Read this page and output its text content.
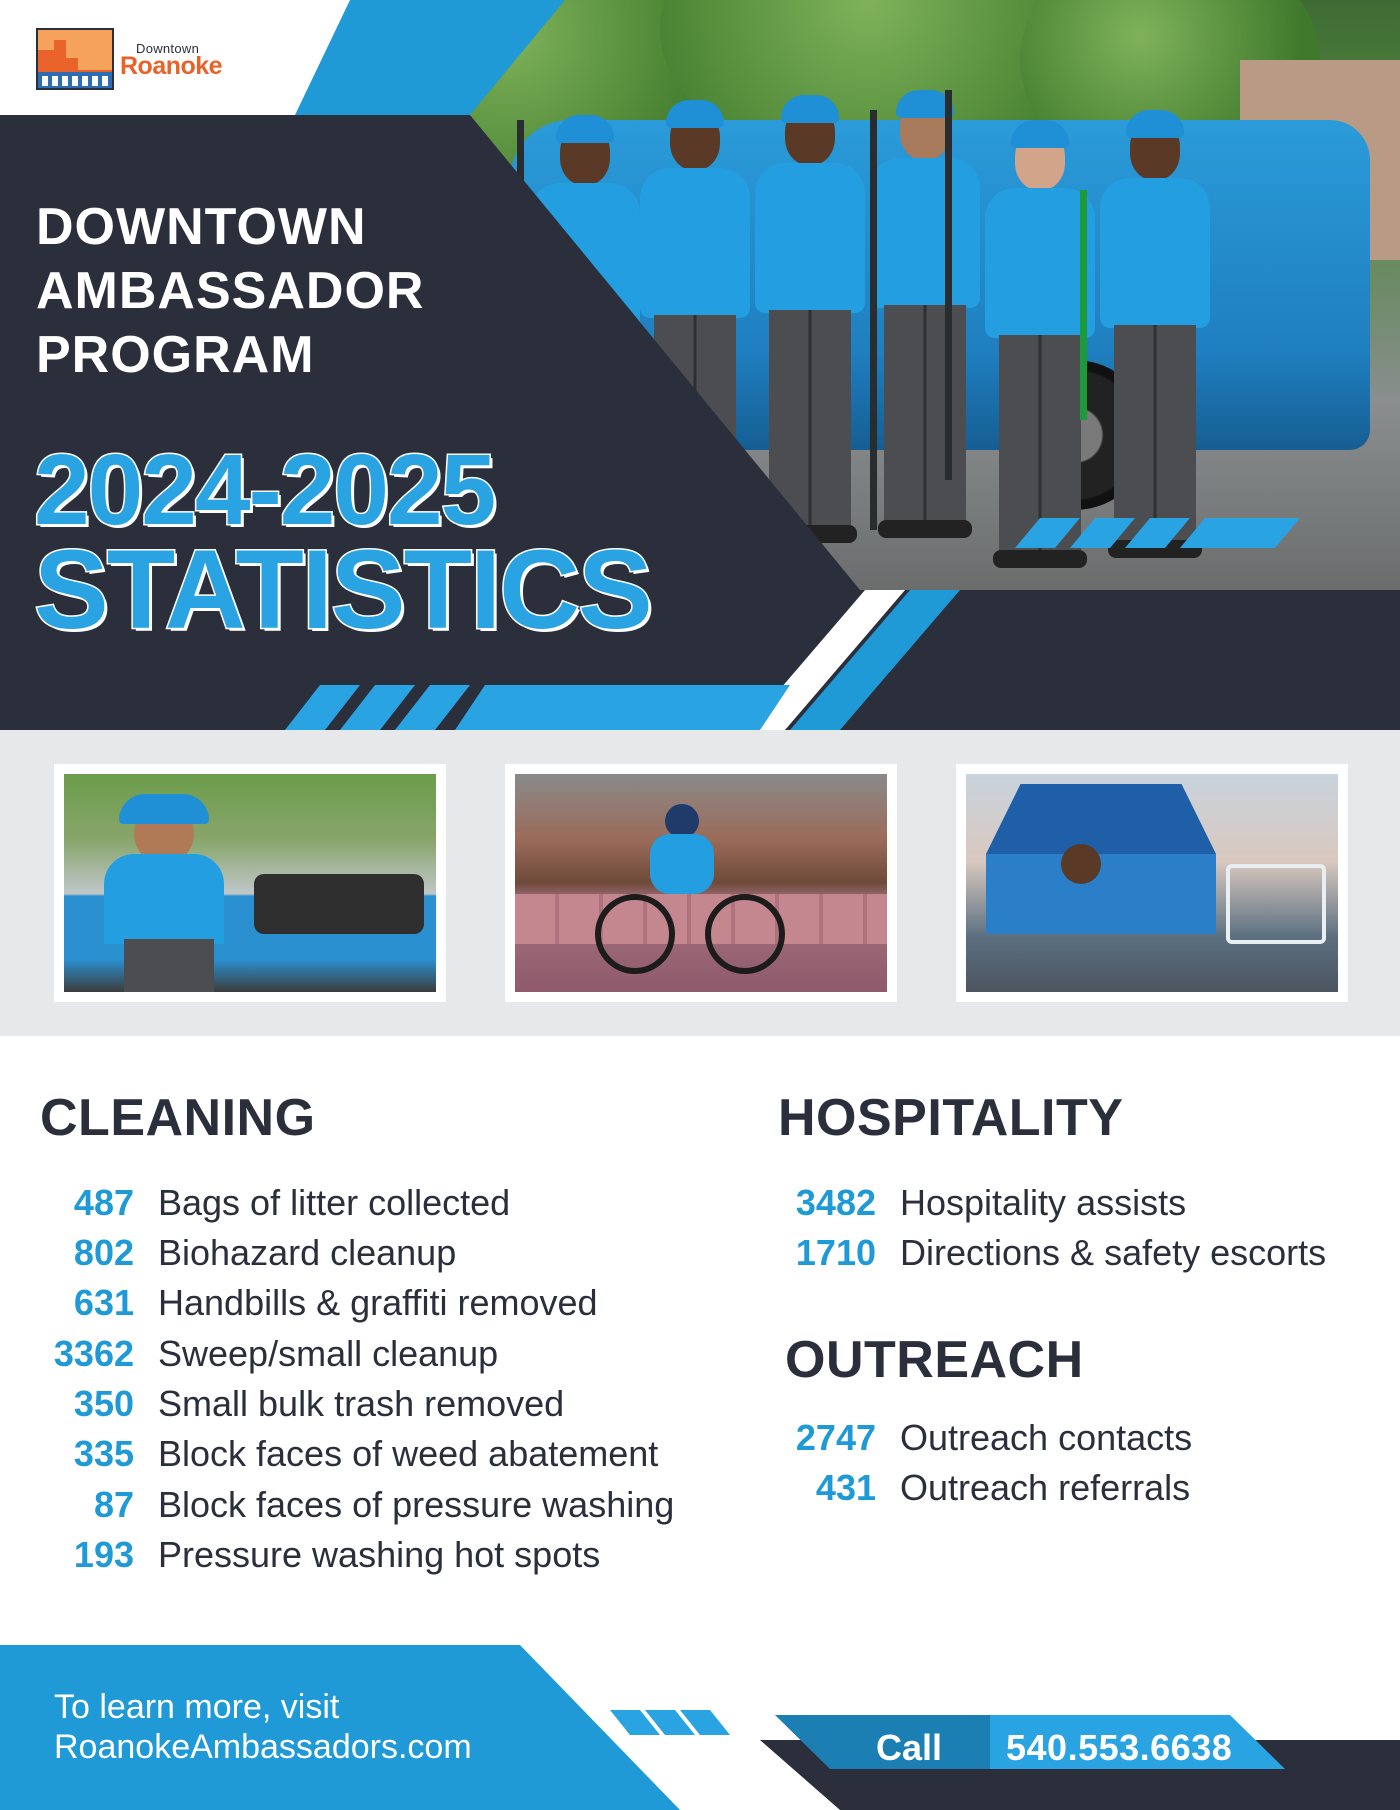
Downtown
Roanoke
DOWNTOWN
AMBASSADOR
PROGRAM
2024-2025
STATISTICS
CLEANING	HOSPITALITY
OUTREACH
487 Bags of litter collected
802 Biohazard cleanup
631 Handbills & graffiti removed
3362 Sweep/small cleanup
350 Small bulk trash removed
335 Block faces of weed abatement
87 Block faces of pressure washing
193 Pressure washing hot spots
3482 Hospitality assists
1710 Directions & safety escorts
2747 Outreach contacts
431 Outreach referrals
To learn more, visit
RoanokeAmbassadors.com	Call 540.553.6638
